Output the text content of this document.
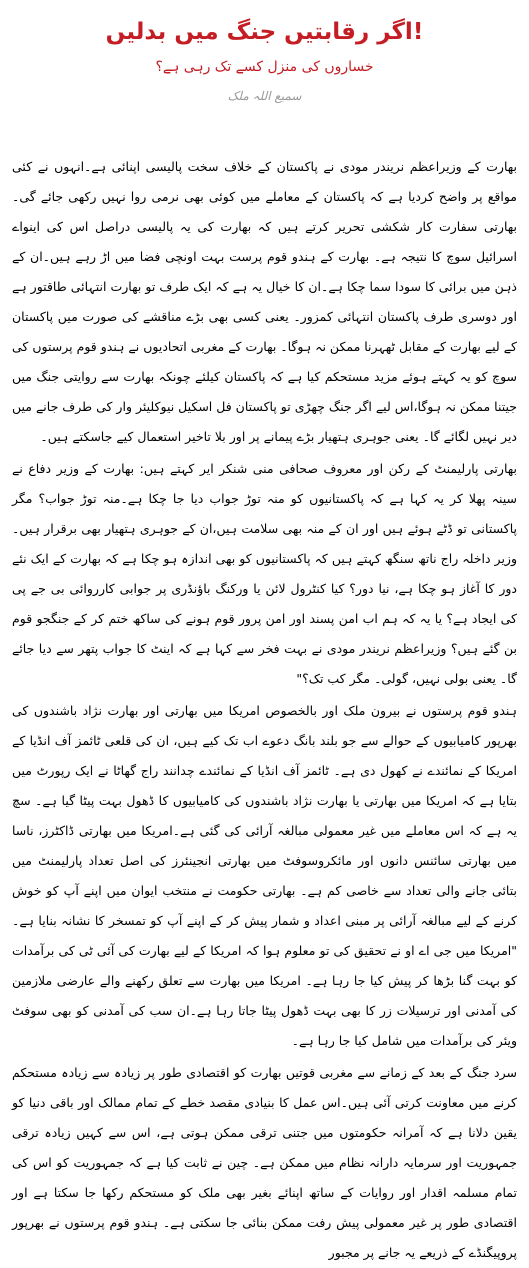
اگر رقابتیں جنگ میں بدلیں!
خساروں کی منزل کسے تک رہی ہے؟
سمیع اللہ ملک

بھارت کے وزیراعظم نریندر مودی نے پاکستان کے خلاف سخت پالیسی اپنائی ہے۔انہوں نے کئی مواقع پر واضح کردیا ہے کہ پاکستان کے معاملے میں کوئی بھی نرمی روا نہیں رکھی جائے گی۔ بھارتی سفارت کار شکشی تحریر کرتے ہیں کہ بھارت کی یہ پالیسی دراصل اس کی اینواے اسرائیل سوچ کا نتیجہ ہے۔ بھارت کے ہندو قوم پرست بہت اونچی فضا میں اڑ رہے ہیں۔ان کے ذہن میں برائی کا سودا سما چکا ہے۔ان کا خیال یہ ہے کہ ایک طرف تو بھارت انتہائی طاقتور ہے اور دوسری طرف پاکستان انتہائی کمزور۔ یعنی کسی بھی بڑے مناقشے کی صورت میں پاکستان کے لیے بھارت کے مقابل ٹھہرنا ممکن نہ ہوگا۔ بھارت کے مغربی اتحادیوں نے ہندو قوم پرستوں کی سوچ کو یہ کہتے ہوئے مزید مستحکم کیا ہے کہ پاکستان کیلئے چونکہ بھارت سے روایتی جنگ میں جیتنا ممکن نہ ہوگا،اس لیے اگر جنگ چھڑی تو پاکستان فل اسکیل نیوکلیئر وار کی طرف جانے میں دیر نہیں لگائے گا۔ یعنی جوہری ہتھیار بڑے پیمانے پر اور بلا تاخیر استعمال کیے جاسکتے ہیں۔

بھارتی پارلیمنٹ کے رکن اور معروف صحافی منی شنکر ایر کہتے ہیں: بھارت کے وزیر دفاع نے سینہ پھلا کر یہ کہا ہے کہ پاکستانیوں کو منہ توڑ جواب دیا جا چکا ہے۔منہ توڑ جواب؟ مگر پاکستانی تو ڈٹے ہوئے ہیں اور ان کے منہ بھی سلامت ہیں،ان کے جوہری ہتھیار بھی برقرار ہیں۔ وزیر داخلہ راج ناتھ سنگھ کہتے ہیں کہ پاکستانیوں کو بھی اندازہ ہو چکا ہے کہ بھارت کے ایک نئے دور کا آغاز ہو چکا ہے، نیا دور؟ کیا کنٹرول لائن یا ورکنگ باؤنڈری پر جوابی کارروائی بی جے پی کی ایجاد ہے؟ یا یہ کہ ہم اب امن پسند اور امن پرور قوم ہونے کی ساکھ ختم کر کے جنگجو قوم بن گئے ہیں؟ وزیراعظم نریندر مودی نے بہت فخر سے کہا ہے کہ اینٹ کا جواب پتھر سے دیا جائے گا۔ یعنی بولی نہیں، گولی۔ مگر کب تک؟"

ہندو قوم پرستوں نے بیرون ملک اور بالخصوص امریکا میں بھارتی اور بھارت نژاد باشندوں کی بھرپور کامیابیوں کے حوالے سے جو بلند بانگ دعوے اب تک کیے ہیں، ان کی قلعی ٹائمز آف انڈیا کے امریکا کے نمائندے نے کھول دی ہے۔ ٹائمز آف انڈیا کے نمائندے چدانند راج گھاٹا نے ایک رپورٹ میں بتایا ہے کہ امریکا میں بھارتی یا بھارت نژاد باشندوں کی کامیابیوں کا ڈھول بہت پیٹا گیا ہے۔ سچ یہ ہے کہ اس معاملے میں غیر معمولی مبالغہ آرائی کی گئی ہے۔امریکا میں بھارتی ڈاکٹرز، ناسا میں بھارتی سائنس دانوں اور مائکروسوفٹ میں بھارتی انجینئرز کی اصل تعداد پارلیمنٹ میں بتائی جانے والی تعداد سے خاصی کم ہے۔ بھارتی حکومت نے منتخب ایوان میں اپنے آپ کو خوش کرنے کے لیے مبالغہ آرائی پر مبنی اعداد و شمار پیش کر کے اپنے آپ کو تمسخر کا نشانہ بنایا ہے۔ "امریکا میں جی اے او نے تحقیق کی تو معلوم ہوا کہ امریکا کے لیے بھارت کی آئی ٹی کی برآمدات کو بہت گنا بڑھا کر پیش کیا جا رہا ہے۔ امریکا میں بھارت سے تعلق رکھنے والے عارضی ملازمین کی آمدنی اور ترسیلات زر کا بھی بہت ڈھول پیٹا جاتا رہا ہے۔ان سب کی آمدنی کو بھی سوفٹ ویئر کی برآمدات میں شامل کیا جا رہا ہے۔

سرد جنگ کے بعد کے زمانے سے مغربی قوتیں بھارت کو اقتصادی طور پر زیادہ سے زیادہ مستحکم کرنے میں معاونت کرتی آئی ہیں۔اس عمل کا بنیادی مقصد خطے کے تمام ممالک اور باقی دنیا کو یقین دلانا ہے کہ آمرانہ حکومتوں میں جتنی ترقی ممکن ہوتی ہے، اس سے کہیں زیادہ ترقی جمہوریت اور سرمایہ دارانہ نظام میں ممکن ہے۔ چین نے ثابت کیا ہے کہ جمہوریت کو اس کی تمام مسلمہ اقدار اور روایات کے ساتھ اپنائے بغیر بھی ملک کو مستحکم رکھا جا سکتا ہے اور اقتصادی طور پر غیر معمولی پیش رفت ممکن بنائی جا سکتی ہے۔ ہندو قوم پرستوں نے بھرپور پروپیگنڈے کے ذریعے یہ جانے پر مجبور
